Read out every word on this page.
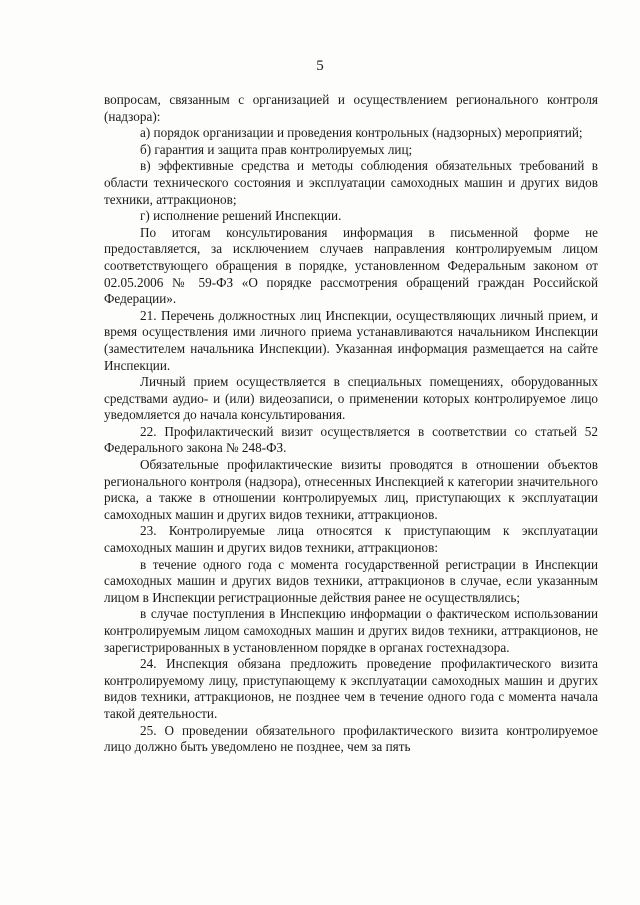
5

вопросам, связанным с организацией и осуществлением регионального контроля (надзора):

а) порядок организации и проведения контрольных (надзорных) мероприятий;

б) гарантия и защита прав контролируемых лиц;

в) эффективные средства и методы соблюдения обязательных требований в области технического состояния и эксплуатации самоходных машин и других видов техники, аттракционов;

г) исполнение решений Инспекции.

По итогам консультирования информация в письменной форме не предоставляется, за исключением случаев направления контролируемым лицом соответствующего обращения в порядке, установленном Федеральным законом от 02.05.2006 № 59-ФЗ «О порядке рассмотрения обращений граждан Российской Федерации».

21. Перечень должностных лиц Инспекции, осуществляющих личный прием, и время осуществления ими личного приема устанавливаются начальником Инспекции (заместителем начальника Инспекции). Указанная информация размещается на сайте Инспекции.

Личный прием осуществляется в специальных помещениях, оборудованных средствами аудио- и (или) видеозаписи, о применении которых контролируемое лицо уведомляется до начала консультирования.

22. Профилактический визит осуществляется в соответствии со статьей 52 Федерального закона № 248-ФЗ.

Обязательные профилактические визиты проводятся в отношении объектов регионального контроля (надзора), отнесенных Инспекцией к категории значительного риска, а также в отношении контролируемых лиц, приступающих к эксплуатации самоходных машин и других видов техники, аттракционов.

23. Контролируемые лица относятся к приступающим к эксплуатации самоходных машин и других видов техники, аттракционов:

в течение одного года с момента государственной регистрации в Инспекции самоходных машин и других видов техники, аттракционов в случае, если указанным лицом в Инспекции регистрационные действия ранее не осуществлялись;

в случае поступления в Инспекцию информации о фактическом использовании контролируемым лицом самоходных машин и других видов техники, аттракционов, не зарегистрированных в установленном порядке в органах гостехнадзора.

24. Инспекция обязана предложить проведение профилактического визита контролируемому лицу, приступающему к эксплуатации самоходных машин и других видов техники, аттракционов, не позднее чем в течение одного года с момента начала такой деятельности.

25. О проведении обязательного профилактического визита контролируемое лицо должно быть уведомлено не позднее, чем за пять
